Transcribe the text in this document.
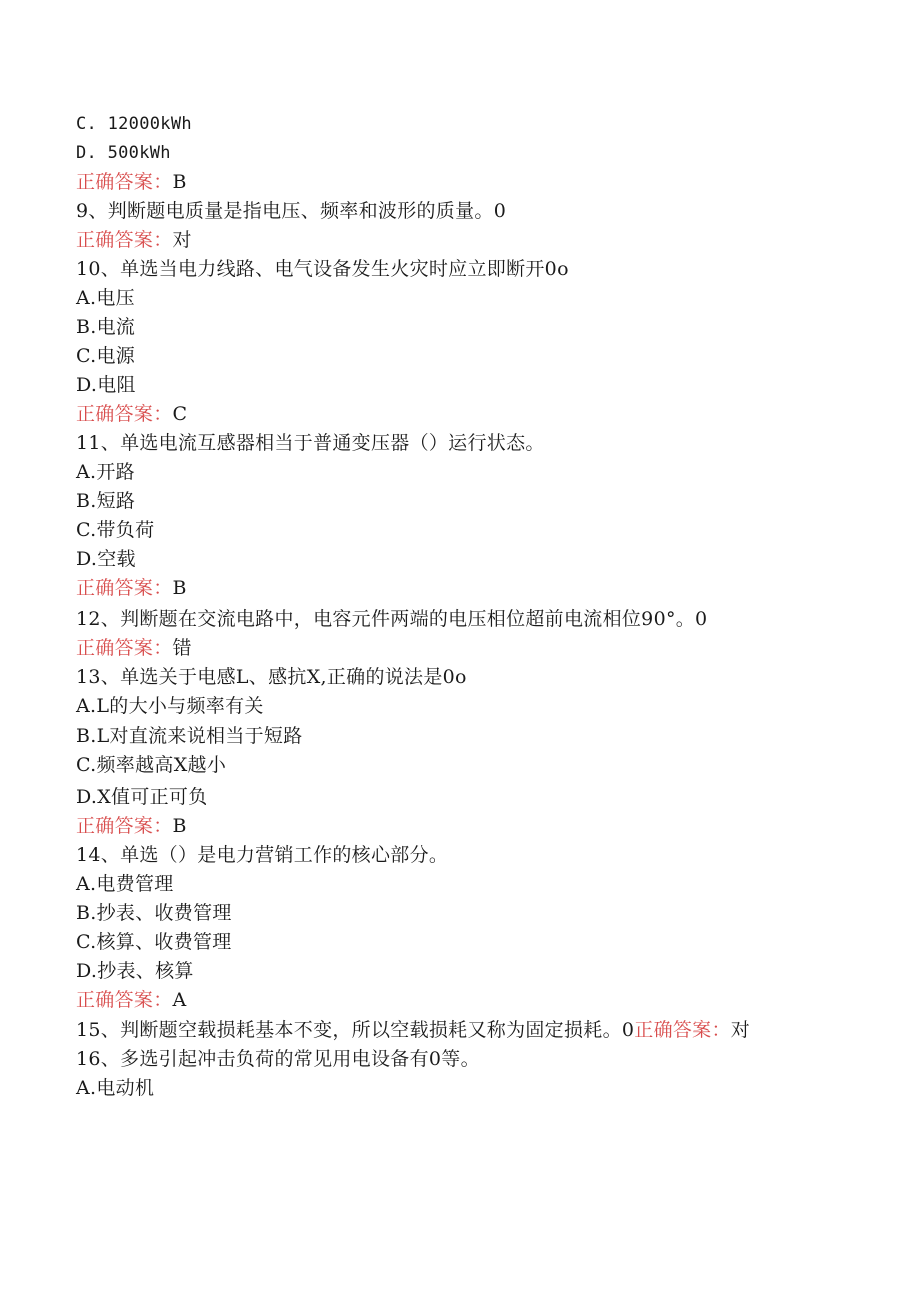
C. 12000kWh
D. 500kWh
正确答案：B
9、判断题电质量是指电压、频率和波形的质量。0
正确答案：对
10、单选当电力线路、电气设备发生火灾时应立即断开0o
A.电压
B.电流
C.电源
D.电阻
正确答案：C
11、单选电流互感器相当于普通变压器（）运行状态。
A.开路
B.短路
C.带负荷
D.空载
正确答案：B
12、判断题在交流电路中，电容元件两端的电压相位超前电流相位90°。0
正确答案：错
13、单选关于电感L、感抗X,正确的说法是0o
A.L的大小与频率有关
B.L对直流来说相当于短路
C.频率越高X越小
D.X值可正可负
正确答案：B
14、单选（）是电力营销工作的核心部分。
A.电费管理
B.抄表、收费管理
C.核算、收费管理
D.抄表、核算
正确答案：A
15、判断题空载损耗基本不变，所以空载损耗又称为固定损耗。0正确答案：对
16、多选引起冲击负荷的常见用电设备有0等。
A.电动机
